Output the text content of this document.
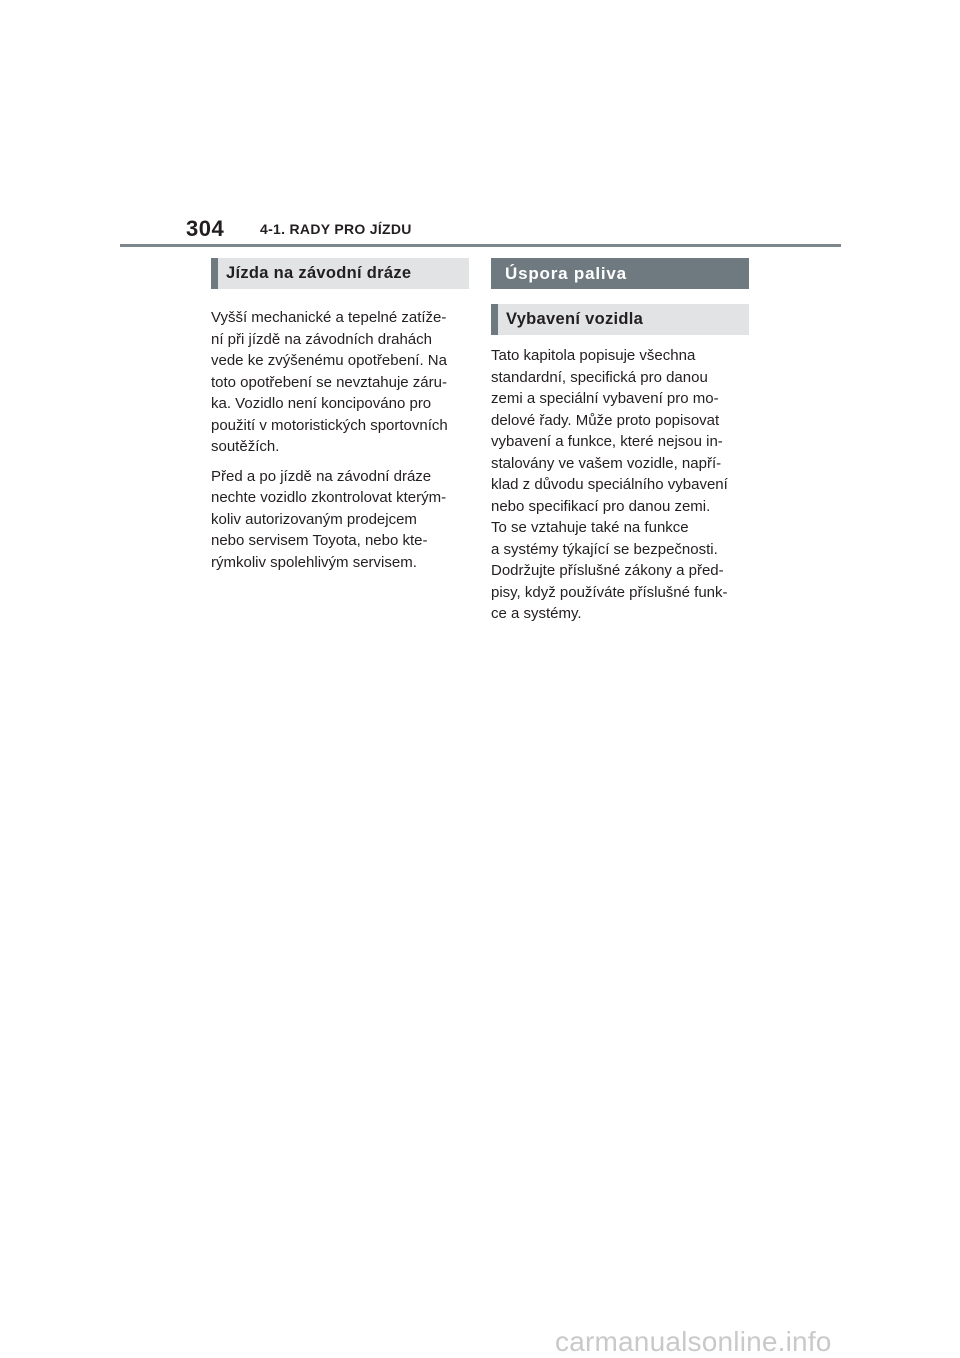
304	4-1. RADY PRO JÍZDU
Jízda na závodní dráze

Vyšší mechanické a tepelné zatíže-
ní při jízdě na závodních drahách
vede ke zvýšenému opotřebení. Na
toto opotřebení se nevztahuje záru-
ka. Vozidlo není koncipováno pro
použití v motoristických sportovních
soutěžích.

Před a po jízdě na závodní dráze
nechte vozidlo zkontrolovat kterým-
koliv autorizovaným prodejcem
nebo servisem Toyota, nebo kte-
rýmkoliv spolehlivým servisem.

Úspora paliva
Vybavení vozidla

Tato kapitola popisuje všechna
standardní, specifická pro danou
zemi a speciální vybavení pro mo-
delové řady. Může proto popisovat
vybavení a funkce, které nejsou in-
stalovány ve vašem vozidle, napří-
klad z důvodu speciálního vybavení
nebo specifikací pro danou zemi.
To se vztahuje také na funkce
a systémy týkající se bezpečnosti.
Dodržujte příslušné zákony a před-
pisy, když používáte příslušné funk-
ce a systémy.

carmanualsonline.info
